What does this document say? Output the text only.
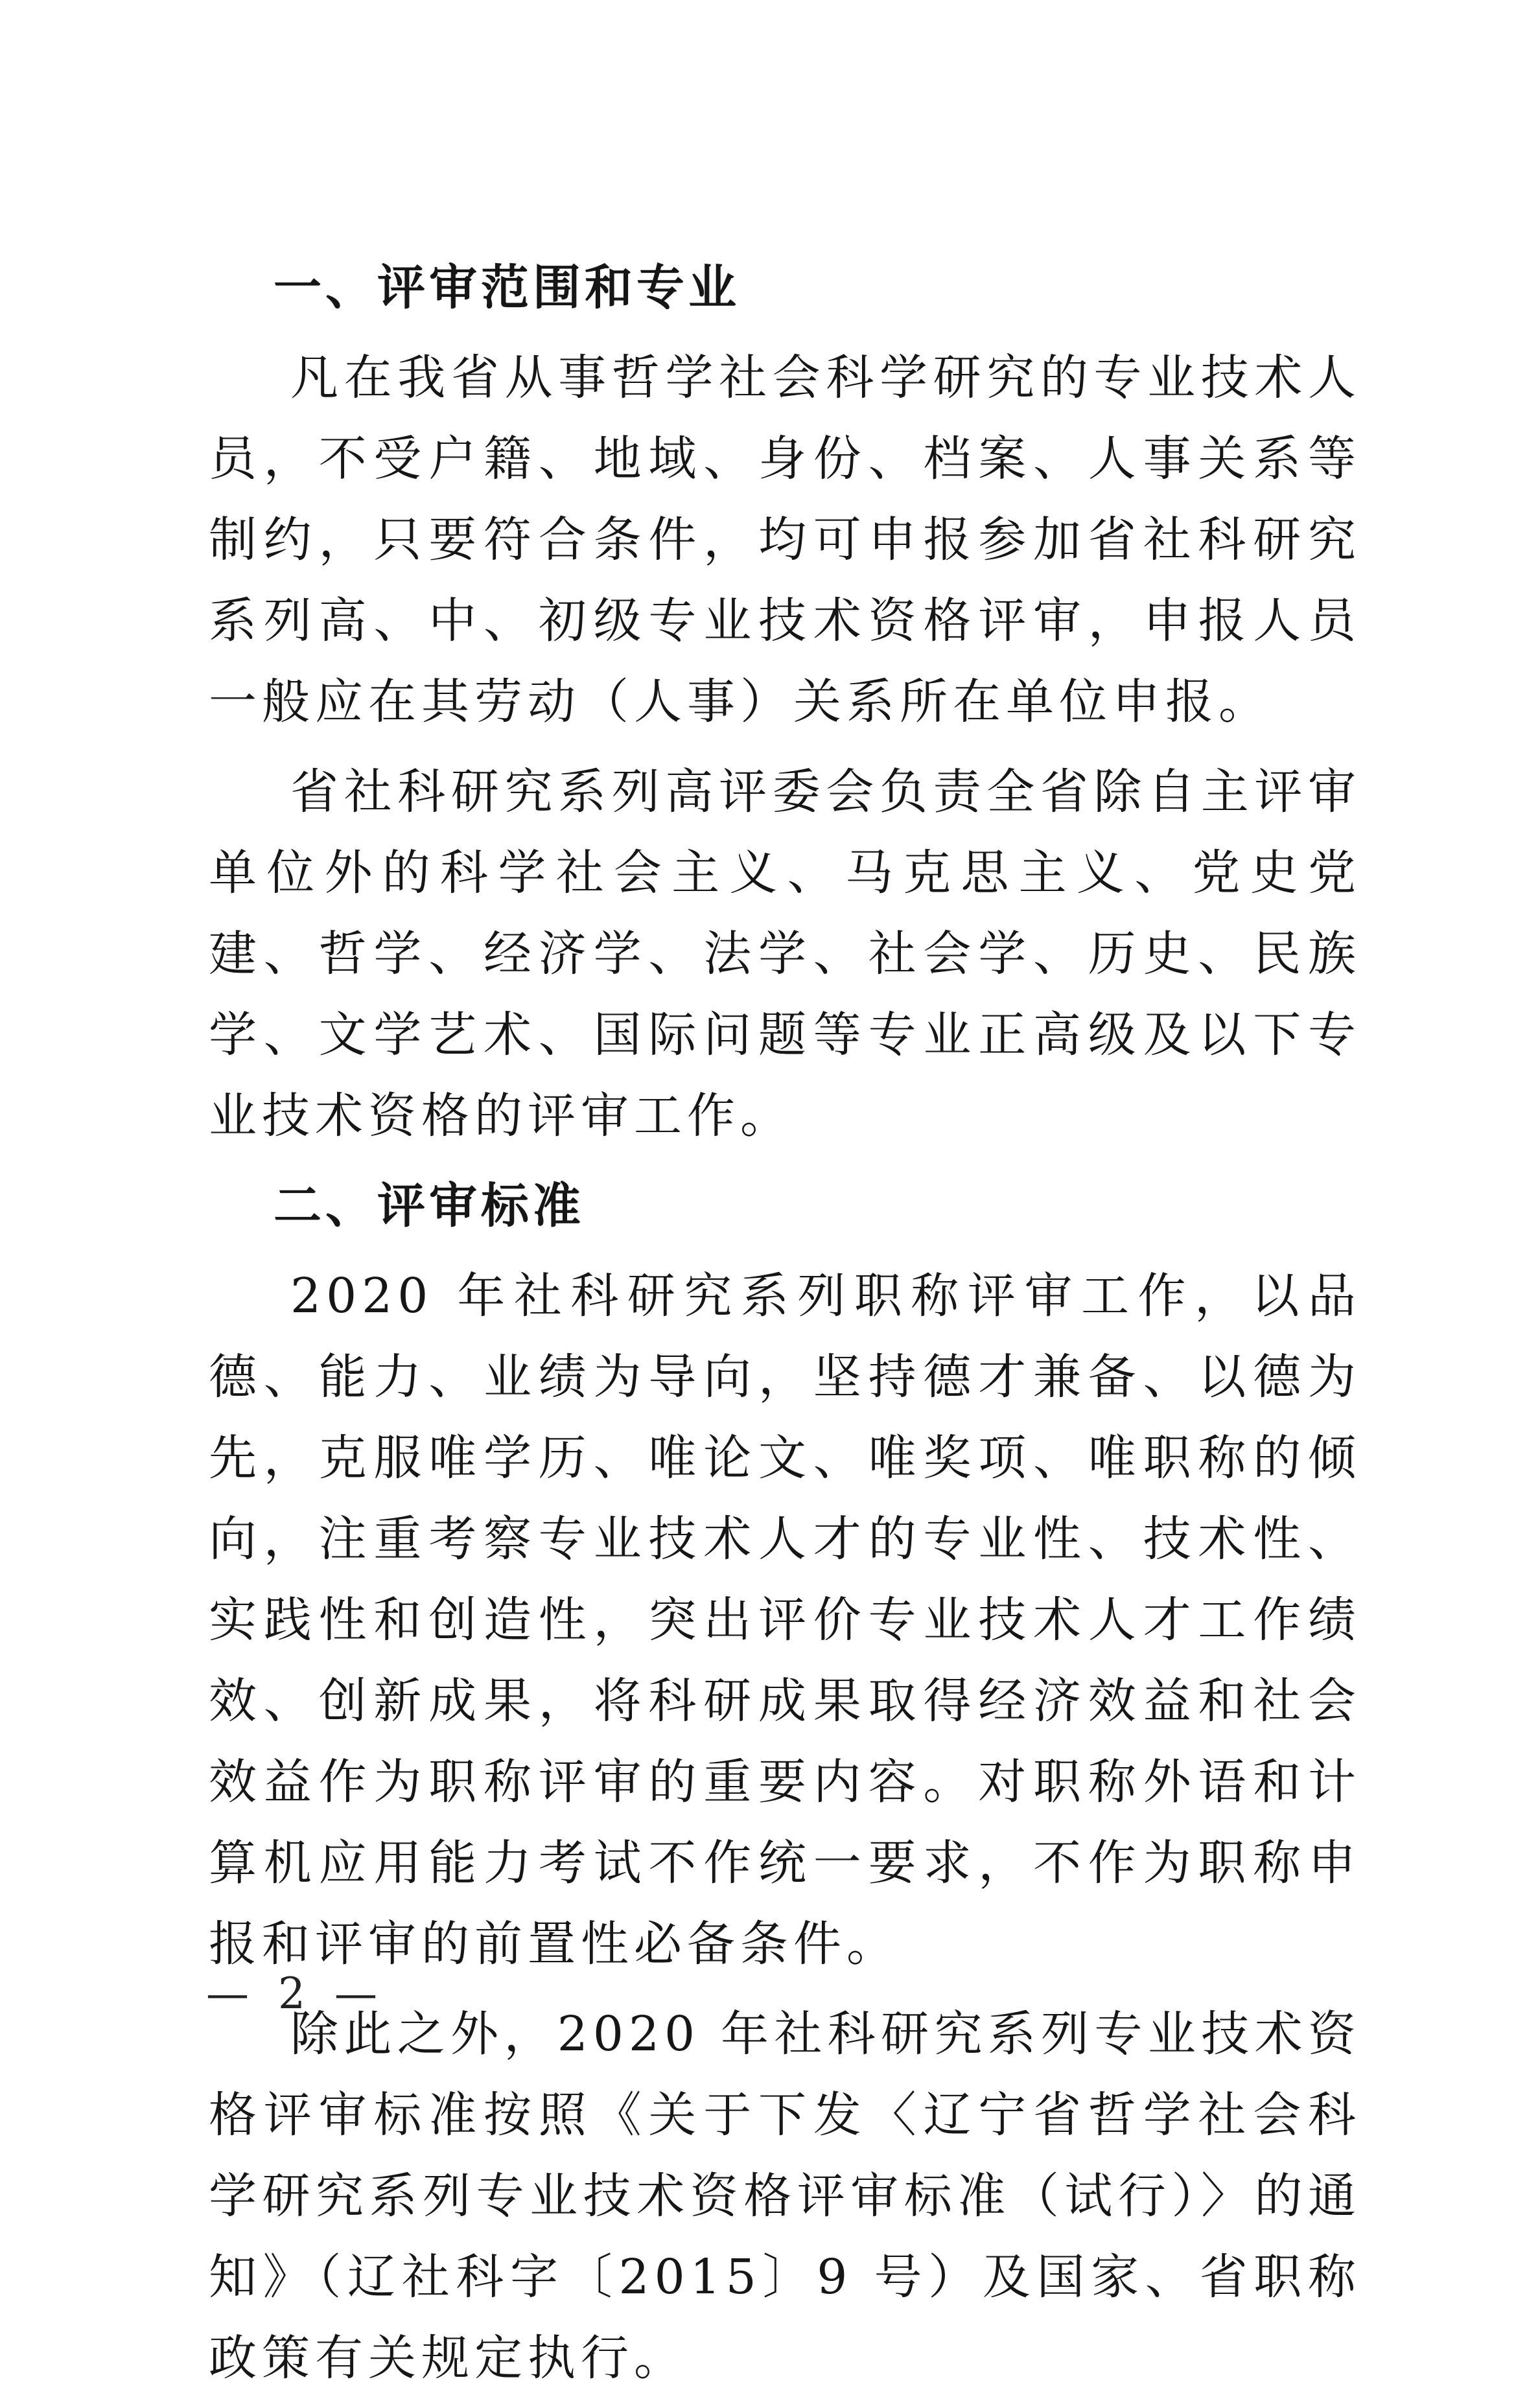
一、评审范围和专业
凡在我省从事哲学社会科学研究的专业技术人员，不受户籍、地域、身份、档案、人事关系等制约，只要符合条件，均可申报参加省社科研究系列高、中、初级专业技术资格评审，申报人员一般应在其劳动（人事）关系所在单位申报。
省社科研究系列高评委会负责全省除自主评审单位外的科学社会主义、马克思主义、党史党建、哲学、经济学、法学、社会学、历史、民族学、文学艺术、国际问题等专业正高级及以下专业技术资格的评审工作。
二、评审标准
2020 年社科研究系列职称评审工作，以品德、能力、业绩为导向，坚持德才兼备、以德为先，克服唯学历、唯论文、唯奖项、唯职称的倾向，注重考察专业技术人才的专业性、技术性、实践性和创造性，突出评价专业技术人才工作绩效、创新成果，将科研成果取得经济效益和社会效益作为职称评审的重要内容。对职称外语和计算机应用能力考试不作统一要求，不作为职称申报和评审的前置性必备条件。
除此之外，2020 年社科研究系列专业技术资格评审标准按照《关于下发〈辽宁省哲学社会科学研究系列专业技术资格评审标准（试行）〉的通知》（辽社科字〔2015〕9 号）及国家、省职称政策有关规定执行。
— 2 —
